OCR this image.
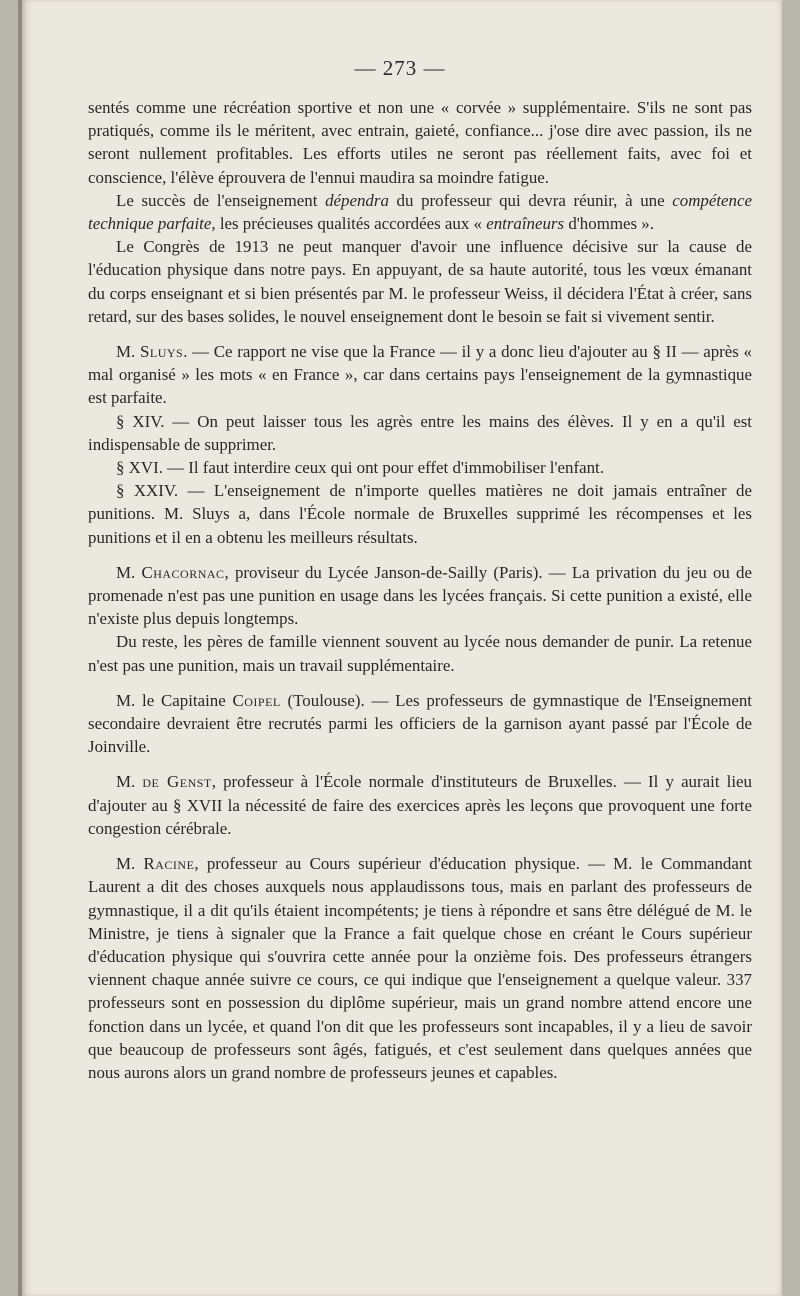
— 273 —

sentés comme une récréation sportive et non une « corvée » supplémentaire. S'ils ne sont pas pratiqués, comme ils le méritent, avec entrain, gaieté, confiance... j'ose dire avec passion, ils ne seront nullement profitables. Les efforts utiles ne seront pas réellement faits, avec foi et conscience, l'élève éprouvera de l'ennui maudira sa moindre fatigue.

Le succès de l'enseignement dépendra du professeur qui devra réunir, à une compétence technique parfaite, les précieuses qualités accordées aux « entraîneurs d'hommes ».

Le Congrès de 1913 ne peut manquer d'avoir une influence décisive sur la cause de l'éducation physique dans notre pays. En appuyant, de sa haute autorité, tous les vœux émanant du corps enseignant et si bien présentés par M. le professeur Weiss, il décidera l'État à créer, sans retard, sur des bases solides, le nouvel enseignement dont le besoin se fait si vivement sentir.

M. Sluys. — Ce rapport ne vise que la France — il y a donc lieu d'ajouter au § II — après « mal organisé » les mots « en France », car dans certains pays l'enseignement de la gymnastique est parfaite.

§ XIV. — On peut laisser tous les agrès entre les mains des élèves. Il y en a qu'il est indispensable de supprimer.

§ XVI. — Il faut interdire ceux qui ont pour effet d'immobiliser l'enfant.

§ XXIV. — L'enseignement de n'importe quelles matières ne doit jamais entraîner de punitions. M. Sluys a, dans l'École normale de Bruxelles supprimé les récompenses et les punitions et il en a obtenu les meilleurs résultats.

M. Chacornac, proviseur du Lycée Janson-de-Sailly (Paris). — La privation du jeu ou de promenade n'est pas une punition en usage dans les lycées français. Si cette punition a existé, elle n'existe plus depuis longtemps.

Du reste, les pères de famille viennent souvent au lycée nous demander de punir. La retenue n'est pas une punition, mais un travail supplémentaire.

M. le Capitaine Coipel (Toulouse). — Les professeurs de gymnastique de l'Enseignement secondaire devraient être recrutés parmi les officiers de la garnison ayant passé par l'École de Joinville.

M. de Genst, professeur à l'École normale d'instituteurs de Bruxelles. — Il y aurait lieu d'ajouter au § XVII la nécessité de faire des exercices après les leçons que provoquent une forte congestion cérébrale.

M. Racine, professeur au Cours supérieur d'éducation physique. — M. le Commandant Laurent a dit des choses auxquels nous applaudissons tous, mais en parlant des professeurs de gymnastique, il a dit qu'ils étaient incompétents; je tiens à répondre et sans être délégué de M. le Ministre, je tiens à signaler que la France a fait quelque chose en créant le Cours supérieur d'éducation physique qui s'ouvrira cette année pour la onzième fois. Des professeurs étrangers viennent chaque année suivre ce cours, ce qui indique que l'enseignement a quelque valeur. 337 professeurs sont en possession du diplôme supérieur, mais un grand nombre attend encore une fonction dans un lycée, et quand l'on dit que les professeurs sont incapables, il y a lieu de savoir que beaucoup de professeurs sont âgés, fatigués, et c'est seulement dans quelques années que nous aurons alors un grand nombre de professeurs jeunes et capables.
